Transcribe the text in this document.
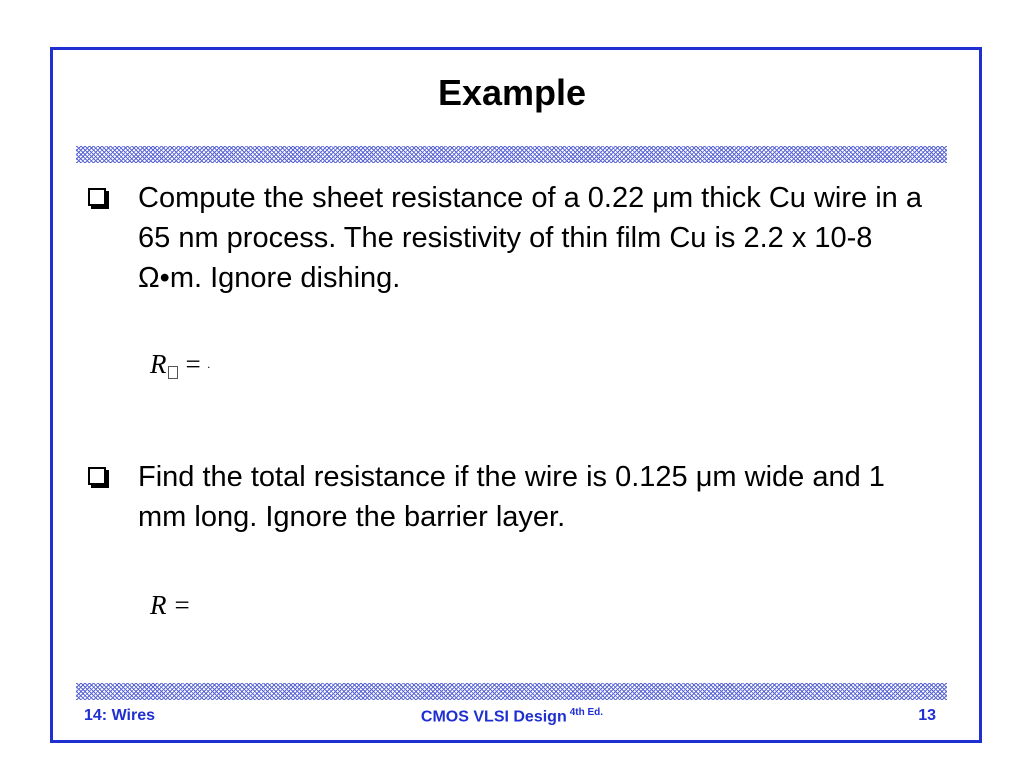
Example
Compute the sheet resistance of a 0.22 μm thick Cu wire in a 65 nm process. The resistivity of thin film Cu is 2.2 x 10-8 Ω•m. Ignore dishing.
R = ·
Find the total resistance if the wire is 0.125 μm wide and 1 mm long. Ignore the barrier layer.
R =
14: Wires	CMOS VLSI Design $^{4th Ed.}$	13
